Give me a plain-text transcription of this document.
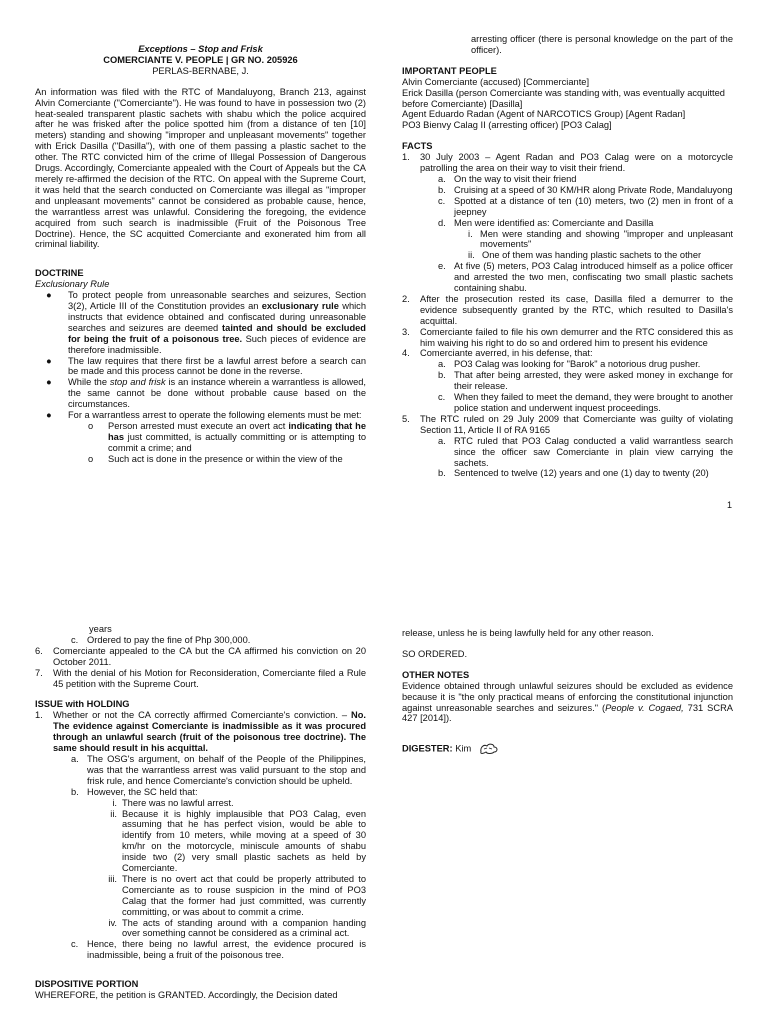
Exceptions – Stop and Frisk

COMERCIANTE V. PEOPLE | GR NO. 205926

PERLAS-BERNABE, J.

An information was filed with the RTC of Mandaluyong, Branch 213, against Alvin Comerciante ("Comerciante"). He was found to have in possession two (2) heat-sealed transparent plastic sachets with shabu which the police acquired after he was frisked after the police spotted him (from a distance of ten [10] meters) standing and showing "improper and unpleasant movements" together with Erick Dasilla ("Dasilla"), with one of them passing a plastic sachet to the other. The RTC convicted him of the crime of Illegal Possession of Dangerous Drugs. Accordingly, Comerciante appealed with the Court of Appeals but the CA merely re-affirmed the decision of the RTC. On appeal with the Supreme Court, it was held that the search conducted on Comerciante was illegal as "improper and unpleasant movements" cannot be considered as probable cause, hence, the warrantless arrest was unlawful. Considering the foregoing, the evidence acquired from such search is inadmissible (Fruit of the Poisonous Tree Doctrine). Hence, the SC acquitted Comerciante and exonerated him from all criminal liability.

DOCTRINE

Exclusionary Rule

●	To protect people from unreasonable searches and seizures, Section 3(2), Article III of the Constitution provides an exclusionary rule which instructs that evidence obtained and confiscated during unreasonable searches and seizures are deemed tainted and should be excluded for being the fruit of a poisonous tree. Such pieces of evidence are therefore inadmissible.
●	The law requires that there first be a lawful arrest before a search can be made and this process cannot be done in the reverse.
●	While the stop and frisk is an instance wherein a warrantless is allowed, the same cannot be done without probable cause based on the circumstances.
●	For a warrantless arrest to operate the following elements must be met:
o	Person arrested must execute an overt act indicating that he has just committed, is actually committing or is attempting to commit a crime; and
o	Such act is done in the presence or within the view of the

arresting officer (there is personal knowledge on the part of the officer).

IMPORTANT PEOPLE

Alvin Comerciante (accused) [Commerciante]

Erick Dasilla (person Comerciante was standing with, was eventually acquitted before Comerciante) [Dasilla]

Agent Eduardo Radan (Agent of NARCOTICS Group) [Agent Radan]

PO3 Bienvy Calag II (arresting officer) [PO3 Calag]

FACTS

1.	30 July 2003 – Agent Radan and PO3 Calag were on a motorcycle patrolling the area on their way to visit their friend.
a. On the way to visit their friend
b. Cruising at a speed of 30 KM/HR along Private Rode, Mandaluyong
c. Spotted at a distance of ten (10) meters, two (2) men in front of a jeepney
d. Men were identified as: Comerciante and Dasilla
i. Men were standing and showing "improper and unpleasant movements"
ii. One of them was handing plastic sachets to the other
e. At five (5) meters, PO3 Calag introduced himself as a police officer and arrested the two men, confiscating two small plastic sachets containing shabu.
2.	After the prosecution rested its case, Dasilla filed a demurrer to the evidence subsequently granted by the RTC, which resulted to Dasilla's acquittal.
3.	Comerciante failed to file his own demurrer and the RTC considered this as him waiving his right to do so and ordered him to present his evidence
4.	Comerciante averred, in his defense, that:
a. PO3 Calag was looking for "Barok" a notorious drug pusher.
b. That after being arrested, they were asked money in exchange for their release.
c. When they failed to meet the demand, they were brought to another police station and underwent inquest proceedings.
5.	The RTC ruled on 29 July 2009 that Comerciante was guilty of violating Section 11, Article II of RA 9165
a. RTC ruled that PO3 Calag conducted a valid warrantless search since the officer saw Comerciante in plain view carrying the sachets.
b. Sentenced to twelve (12) years and one (1) day to twenty (20)
1

years

c. Ordered to pay the fine of Php 300,000.
6.	Comerciante appealed to the CA but the CA affirmed his conviction on 20 October 2011.
7.	With the denial of his Motion for Reconsideration, Comerciante filed a Rule 45 petition with the Supreme Court.

ISSUE with HOLDING

1.	Whether or not the CA correctly affirmed Comerciante's conviction. – No. The evidence against Comerciante is inadmissible as it was procured through an unlawful search (fruit of the poisonous tree doctrine). The same should result in his acquittal.
a. The OSG's argument, on behalf of the People of the Philippines, was that the warrantless arrest was valid pursuant to the stop and frisk rule, and hence Comerciante's conviction should be upheld.
b. However, the SC held that:
i. There was no lawful arrest.
ii. Because it is highly implausible that PO3 Calag, even assuming that he has perfect vision, would be able to identify from 10 meters, while moving at a speed of 30 km/hr on the motorcycle, miniscule amounts of shabu inside two (2) very small plastic sachets as held by Comerciante.
iii. There is no overt act that could be properly attributed to Comerciante as to rouse suspicion in the mind of PO3 Calag that the former had just committed, was currently committing, or was about to commit a crime.
iv. The acts of standing around with a companion handing over something cannot be considered as a criminal act.
c. Hence, there being no lawful arrest, the evidence procured is inadmissible, being a fruit of the poisonous tree.

DISPOSITIVE PORTION

WHEREFORE, the petition is GRANTED. Accordingly, the Decision dated

release, unless he is being lawfully held for any other reason.

SO ORDERED.

OTHER NOTES

Evidence obtained through unlawful seizures should be excluded as evidence because it is "the only practical means of enforcing the constitutional injunction against unreasonable searches and seizures." (People v. Cogaed, 731 SCRA 427 [2014]).

DIGESTER: Kim
